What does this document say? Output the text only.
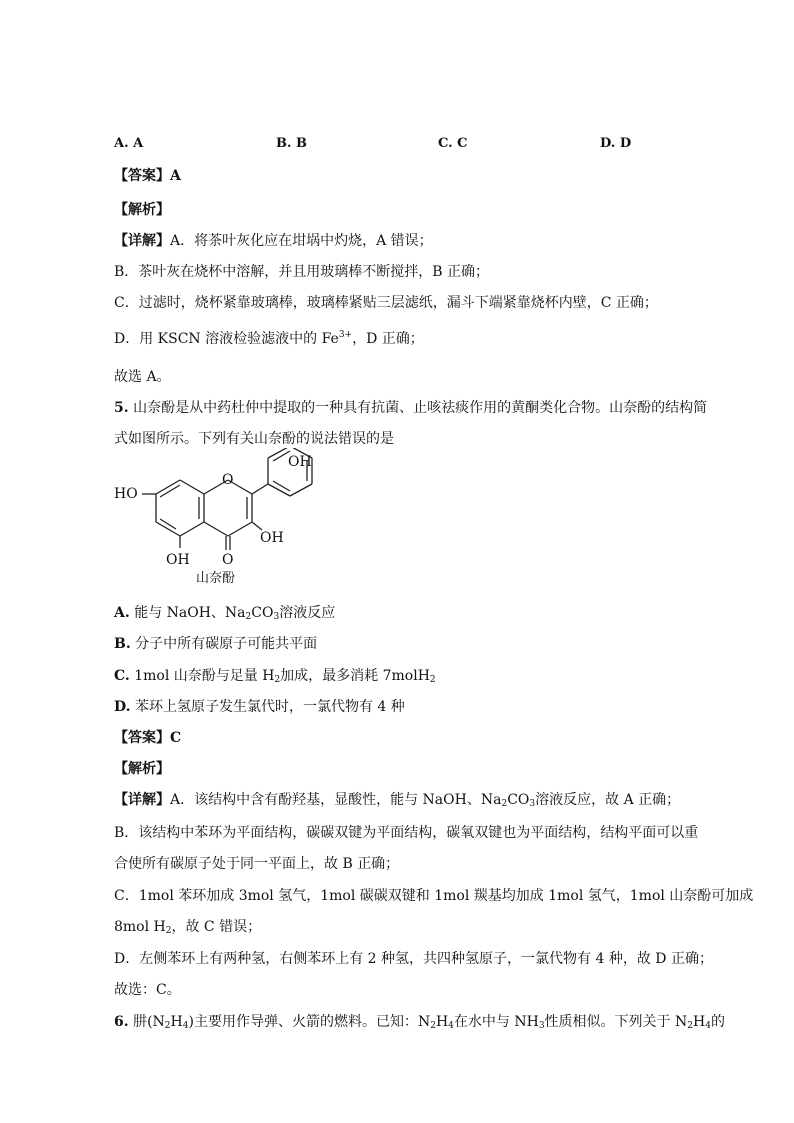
A. A	B. B	C. C	D. D
【答案】A
【解析】
【详解】A．将茶叶灰化应在坩埚中灼烧，A 错误；
B．茶叶灰在烧杯中溶解，并且用玻璃棒不断搅拌，B 正确；
C．过滤时，烧杯紧靠玻璃棒，玻璃棒紧贴三层滤纸，漏斗下端紧靠烧杯内壁，C 正确；
D．用 KSCN 溶液检验滤液中的 $Fe^{3+}$，D 正确；
故选 A。
5. 山奈酚是从中药杜仲中提取的一种具有抗菌、止咳祛痰作用的黄酮类化合物。山奈酚的结构简
式如图所示。下列有关山奈酚的说法错误的是
OH
HO
O
OH
OH O
山奈酚
A. 能与 NaOH、$Na_2CO_3$溶液反应
B. 分子中所有碳原子可能共平面
C. 1mol 山奈酚与足量 $H_2$加成，最多消耗 7molH$_2$
D. 苯环上氢原子发生氯代时，一氯代物有 4 种
【答案】C
【解析】
【详解】A．该结构中含有酚羟基，显酸性，能与 NaOH、$Na_2CO_3$溶液反应，故 A 正确；
B．该结构中苯环为平面结构，碳碳双键为平面结构，碳氧双键也为平面结构，结构平面可以重
合使所有碳原子处于同一平面上，故 B 正确；
C．1mol 苯环加成 3mol 氢气，1mol 碳碳双键和 1mol 羰基均加成 1mol 氢气，1mol 山奈酚可加成
8mol $H_2$，故 C 错误；
D．左侧苯环上有两种氢，右侧苯环上有 2 种氢，共四种氢原子，一氯代物有 4 种，故 D 正确；
故选：C。
6. 肼$(N_2H_4)$主要用作导弹、火箭的燃料。已知：$N_2H_4$在水中与 $NH_3$性质相似。下列关于 $N_2H_4$的
